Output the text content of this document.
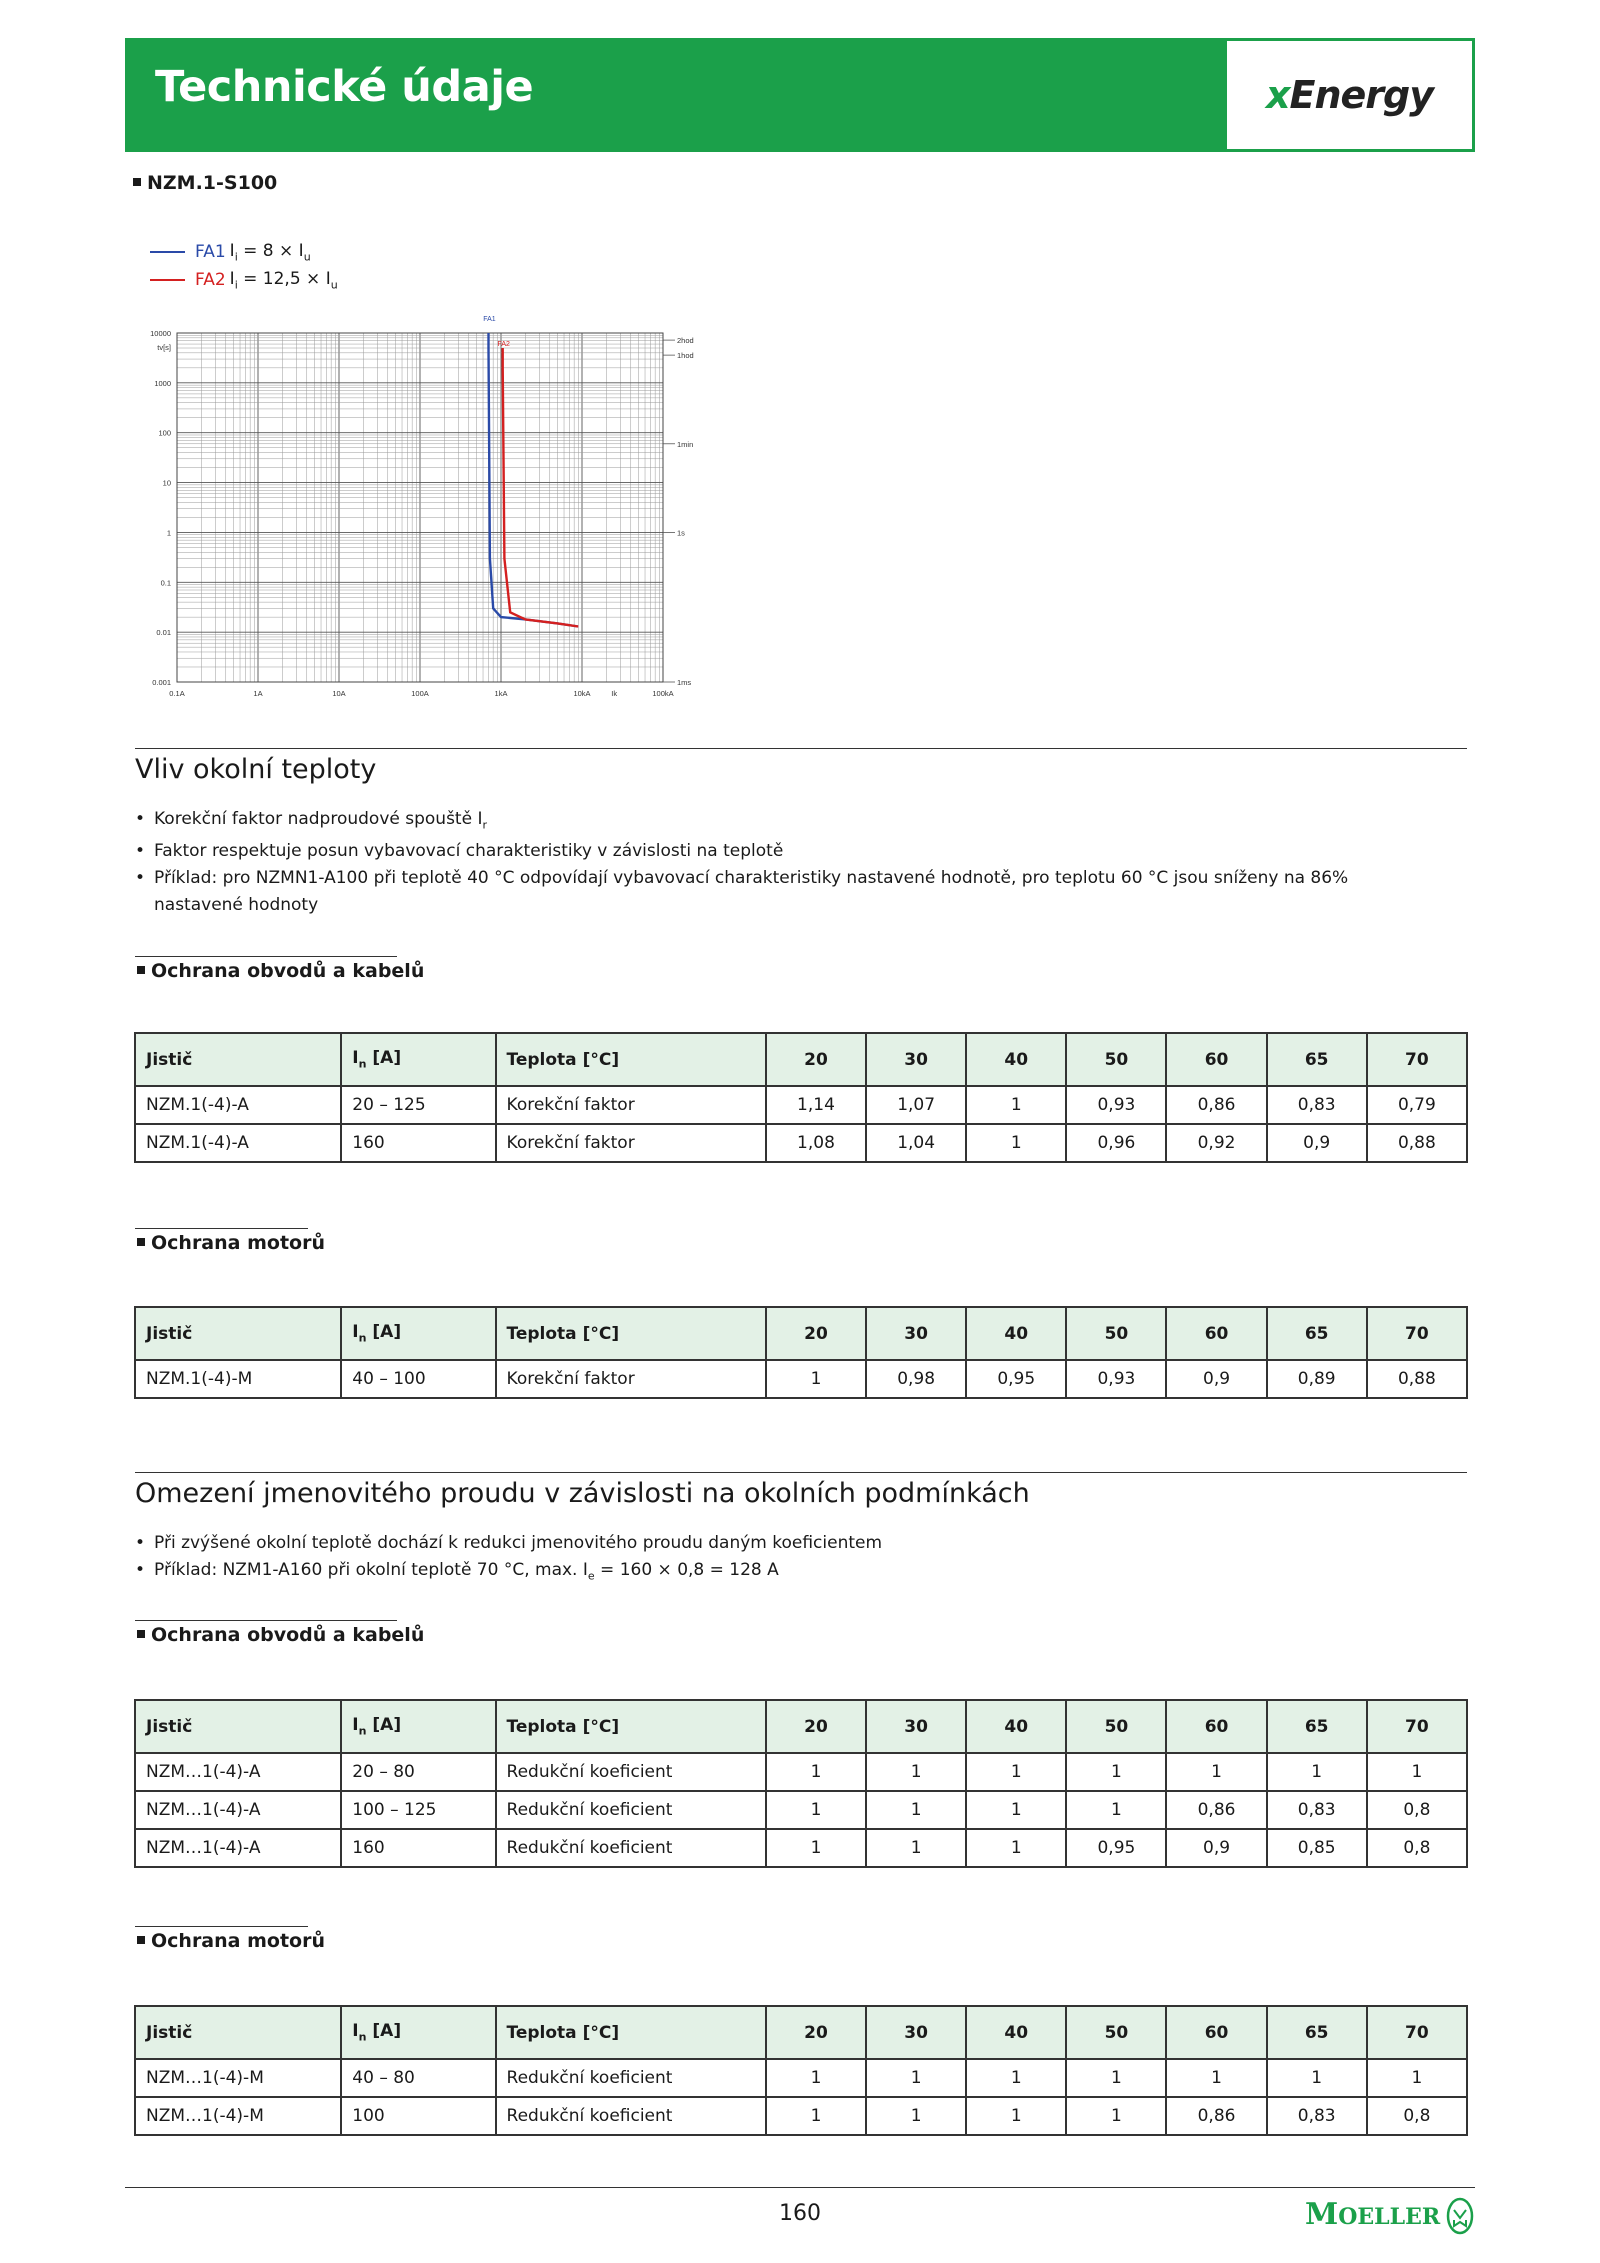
Technické údaje	xEnergy
NZM.1-S100
FA1 $I_i = 8 \times I_u$
FA2 $I_i = 12,5 \times I_u$
10000
1000
100
10
1
0.1
0.01
0.001
tv[s]
0.1A	1A	10A	100A	1kA	10kA	Ik	100kA
2hod
1hod
1min
1s
1ms
FA1
FA2
Vliv okolní teploty
• Korekční faktor nadproudové spouště $I_r$
• Faktor respektuje posun vybavovací charakteristiky v závislosti na teplotě
• Příklad: pro NZMN1-A100 při teplotě 40 °C odpovídají vybavovací charakteristiky nastavené hodnotě, pro teplotu 60 °C jsou sníženy na 86% nastavené hodnoty
Ochrana obvodů a kabelů
Jistič	$I_n$ [A]	Teplota [°C]	20	30	40	50	60	65	70
NZM.1(-4)-A	20 – 125	Korekční faktor	1,14	1,07	1	0,93	0,86	0,83	0,79
NZM.1(-4)-A	160	Korekční faktor	1,08	1,04	1	0,96	0,92	0,9	0,88
Ochrana motorů
Jistič	$I_n$ [A]	Teplota [°C]	20	30	40	50	60	65	70
NZM.1(-4)-M	40 – 100	Korekční faktor	1	0,98	0,95	0,93	0,9	0,89	0,88
Omezení jmenovitého proudu v závislosti na okolních podmínkách
• Při zvýšené okolní teplotě dochází k redukci jmenovitého proudu daným koeficientem
• Příklad: NZM1-A160 při okolní teplotě 70 °C, max. $I_e = 160 \times 0,8 = 128$ A
Ochrana obvodů a kabelů
Jistič	$I_n$ [A]	Teplota [°C]	20	30	40	50	60	65	70
NZM…1(-4)-A	20 – 80	Redukční koeficient	1	1	1	1	1	1	1
NZM…1(-4)-A	100 – 125	Redukční koeficient	1	1	1	1	0,86	0,83	0,8
NZM…1(-4)-A	160	Redukční koeficient	1	1	1	0,95	0,9	0,85	0,8
Ochrana motorů
Jistič	$I_n$ [A]	Teplota [°C]	20	30	40	50	60	65	70
NZM…1(-4)-M	40 – 80	Redukční koeficient	1	1	1	1	1	1	1
NZM…1(-4)-M	100	Redukční koeficient	1	1	1	1	0,86	0,83	0,8
160	MOELLER
